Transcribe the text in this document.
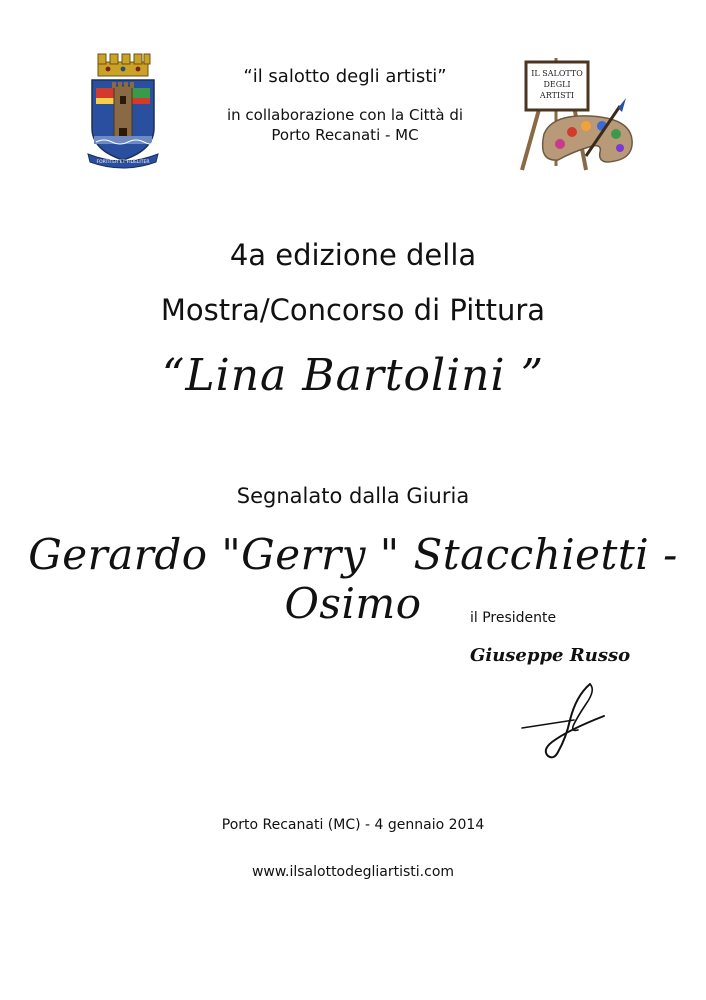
FORTITER ET FIDELITER
“il salotto degli artisti”
in collaborazione con la Città di
Porto Recanati - MC
IL SALOTTO
DEGLI
ARTISTI
4a edizione della
Mostra/Concorso di Pittura
“Lina Bartolini ”
Segnalato dalla Giuria
Gerardo "Gerry " Stacchietti - Osimo	il Presidente
Giuseppe Russo
Porto Recanati (MC) - 4 gennaio 2014
www.ilsalottodegliartisti.com
